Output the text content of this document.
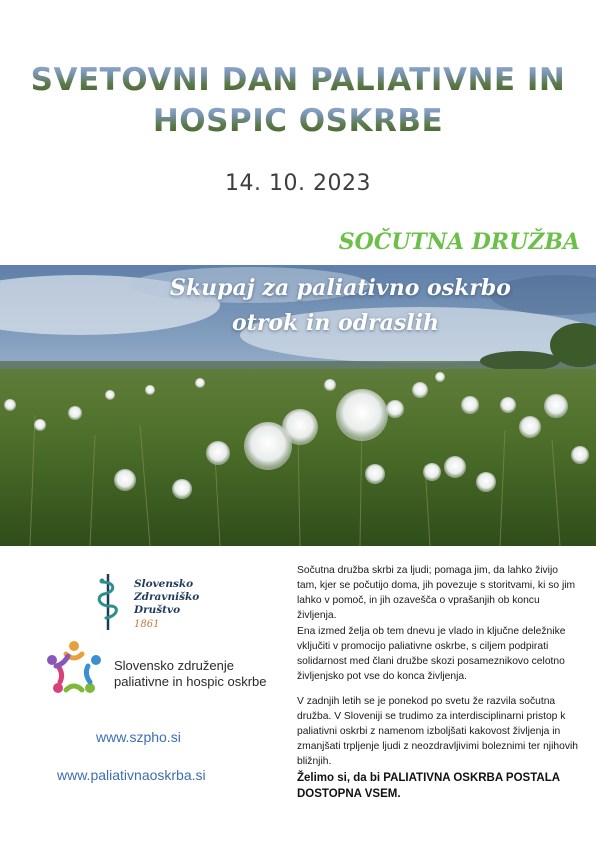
SVETOVNI DAN PALIATIVNE IN
HOSPIC OSKRBE
14. 10. 2023
SOČUTNA DRUŽBA
Skupaj za paliativno oskrbo
otrok in odraslih
Slovensko
Zdravniško
Društvo
1861
Slovensko združenje
paliativne in hospic oskrbe
www.szpho.si
www.paliativnaoskrba.si

Sočutna družba skrbi za ljudi; pomaga jim, da lahko živijo tam, kjer se počutijo doma, jih povezuje s storitvami, ki so jim lahko v pomoč, in jih ozavešča o vprašanjih ob koncu življenja.

Ena izmed želja ob tem dnevu je vlado in ključne deležnike vključiti v promocijo paliativne oskrbe, s ciljem podpirati solidarnost med člani družbe skozi posameznikovo celotno življenjsko pot vse do konca življenja.

V zadnjih letih se je ponekod po svetu že razvila sočutna družba. V Sloveniji se trudimo za interdisciplinarni pristop k paliativni oskrbi z namenom izboljšati kakovost življenja in zmanjšati trpljenje ljudi z neozdravljivimi boleznimi ter njihovih bližnjih.

Želimo si, da bi PALIATIVNA OSKRBA POSTALA DOSTOPNA VSEM.
